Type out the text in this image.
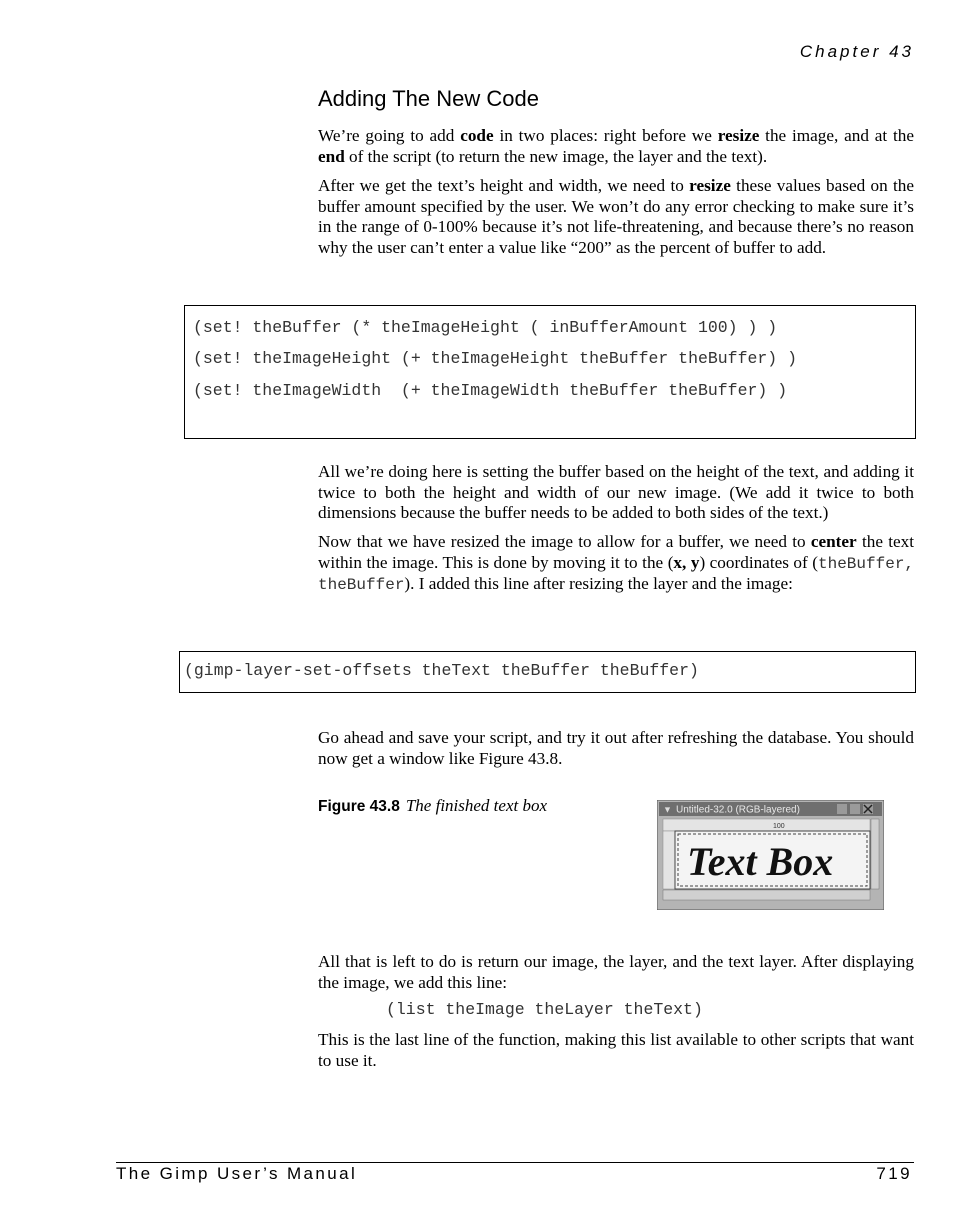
Chapter 43
Adding The New Code
We’re going to add code in two places: right before we resize the image, and at the end of the script (to return the new image, the layer and the text).
After we get the text’s height and width, we need to resize these values based on the buffer amount specified by the user. We won’t do any error checking to make sure it’s in the range of 0-100% because it’s not life-threatening, and because there’s no reason why the user can’t enter a value like “200” as the percent of buffer to add.
(set! theBuffer (* theImageHeight ( inBufferAmount 100) ) )
(set! theImageHeight (+ theImageHeight theBuffer theBuffer) )
(set! theImageWidth  (+ theImageWidth theBuffer theBuffer) )
All we’re doing here is setting the buffer based on the height of the text, and adding it twice to both the height and width of our new image. (We add it twice to both dimensions because the buffer needs to be added to both sides of the text.)
Now that we have resized the image to allow for a buffer, we need to center the text within the image. This is done by moving it to the (x, y) coordinates of (theBuffer, theBuffer). I added this line after resizing the layer and the image:
(gimp-layer-set-offsets theText theBuffer theBuffer)
Go ahead and save your script, and try it out after refreshing the database. You should now get a window like Figure 43.8.
Figure 43.8 The finished text box	▼ Untitled-32.0 (RGB-layered)
100
Text Box
All that is left to do is return our image, the layer, and the text layer. After displaying the image, we add this line:
(list theImage theLayer theText)
This is the last line of the function, making this list available to other scripts that want to use it.
The Gimp User’s Manual	719
